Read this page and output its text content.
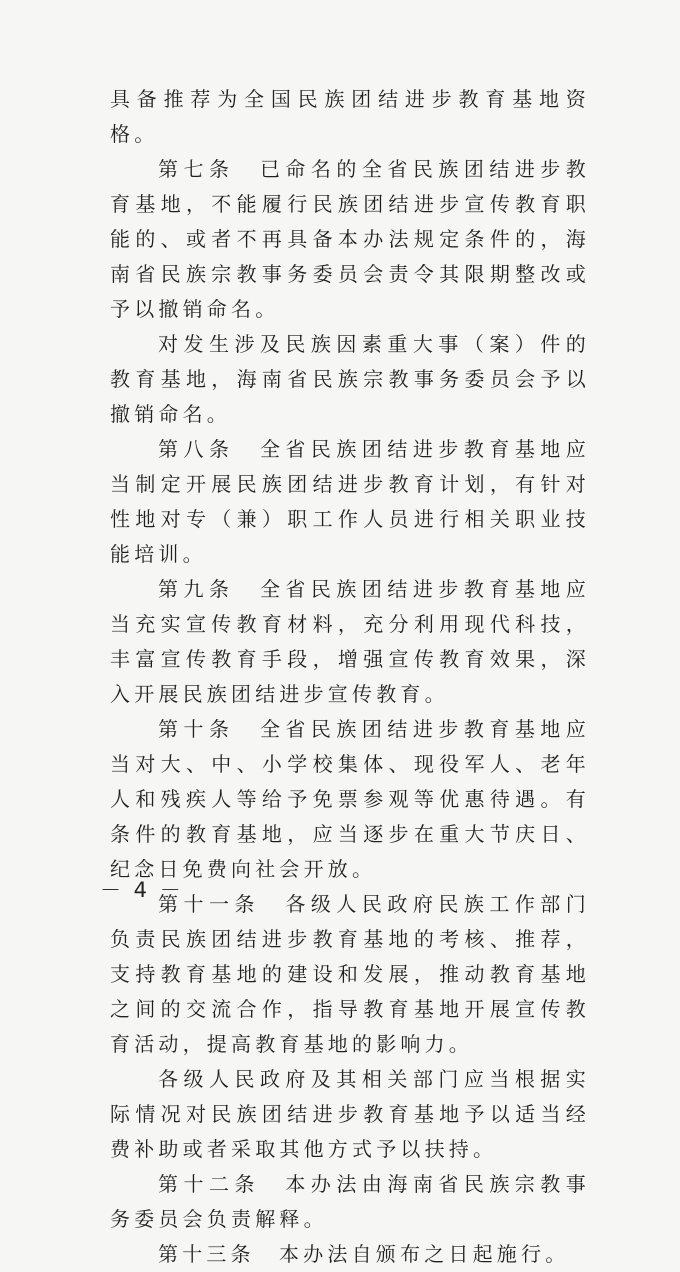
具备推荐为全国民族团结进步教育基地资格。

第七条　已命名的全省民族团结进步教育基地，不能履行民族团结进步宣传教育职能的、或者不再具备本办法规定条件的，海南省民族宗教事务委员会责令其限期整改或予以撤销命名。

对发生涉及民族因素重大事（案）件的教育基地，海南省民族宗教事务委员会予以撤销命名。

第八条　全省民族团结进步教育基地应当制定开展民族团结进步教育计划，有针对性地对专（兼）职工作人员进行相关职业技能培训。

第九条　全省民族团结进步教育基地应当充实宣传教育材料，充分利用现代科技，丰富宣传教育手段，增强宣传教育效果，深入开展民族团结进步宣传教育。

第十条　全省民族团结进步教育基地应当对大、中、小学校集体、现役军人、老年人和残疾人等给予免票参观等优惠待遇。有条件的教育基地，应当逐步在重大节庆日、纪念日免费向社会开放。

第十一条　各级人民政府民族工作部门负责民族团结进步教育基地的考核、推荐，支持教育基地的建设和发展，推动教育基地之间的交流合作，指导教育基地开展宣传教育活动，提高教育基地的影响力。

各级人民政府及其相关部门应当根据实际情况对民族团结进步教育基地予以适当经费补助或者采取其他方式予以扶持。

第十二条　本办法由海南省民族宗教事务委员会负责解释。

第十三条　本办法自颁布之日起施行。

－ 4 －
